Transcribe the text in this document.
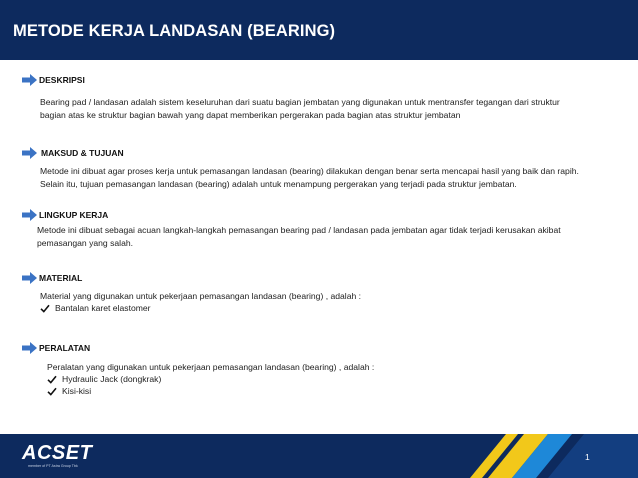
METODE KERJA LANDASAN (BEARING)
DESKRIPSI

Bearing pad / landasan adalah sistem keseluruhan dari suatu bagian jembatan yang digunakan untuk mentransfer tegangan dari struktur

bagian atas ke struktur bagian bawah yang dapat memberikan pergerakan pada bagian atas struktur jembatan

MAKSUD & TUJUAN

Metode ini dibuat agar proses kerja untuk pemasangan landasan (bearing) dilakukan dengan benar serta mencapai hasil yang baik dan rapih.

Selain itu, tujuan pemasangan landasan (bearing) adalah untuk menampung pergerakan yang terjadi pada struktur jembatan.

LINGKUP KERJA

Metode ini dibuat sebagai acuan langkah-langkah pemasangan bearing pad / landasan pada jembatan agar tidak terjadi kerusakan akibat

pemasangan yang salah.

MATERIAL

Material yang digunakan untuk pekerjaan pemasangan landasan (bearing) , adalah :

Bantalan karet elastomer
PERALATAN

Peralatan yang digunakan untuk pekerjaan pemasangan landasan (bearing) , adalah :

Hydraulic Jack (dongkrak)
Kisi-kisi
ACSET
member of PT Astra Group Tbk
1
